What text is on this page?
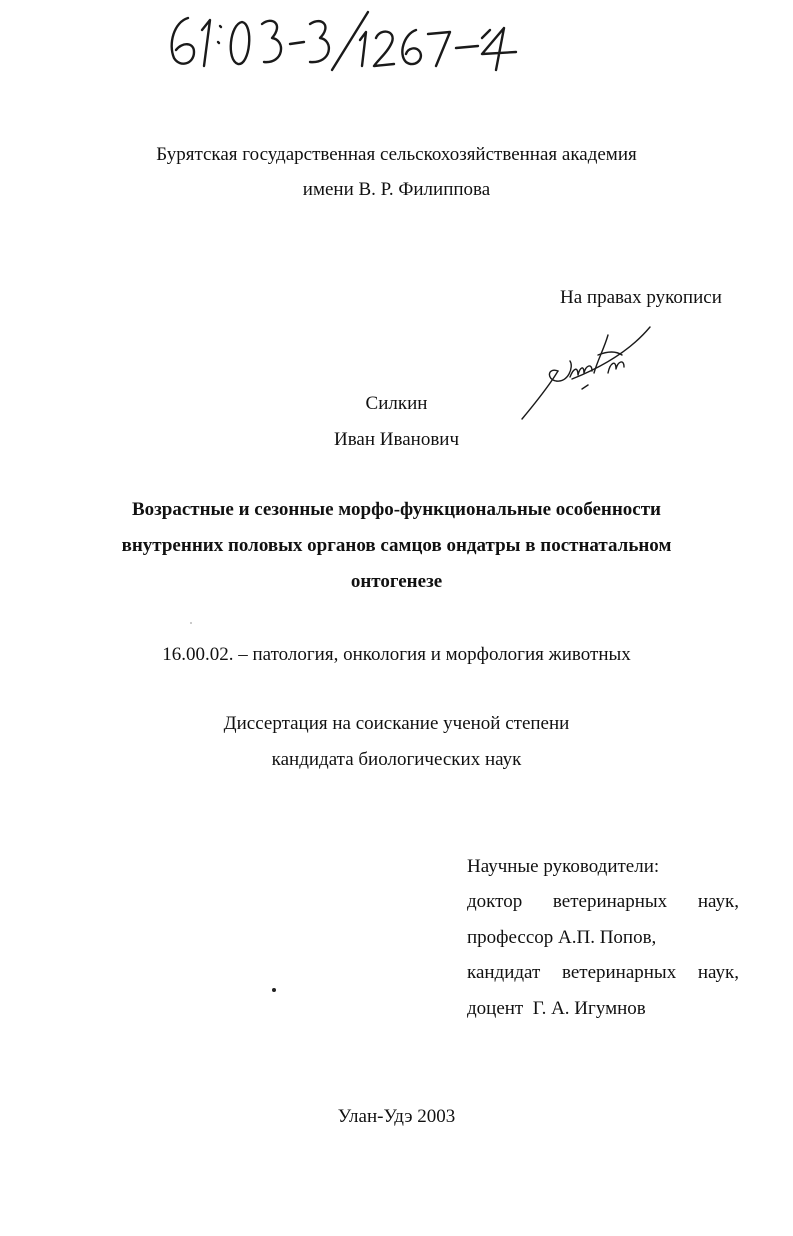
Бурятская государственная сельскохозяйственная академия
имени В. Р. Филиппова
На правах рукописи
Силкин
Иван Иванович
Возрастные и сезонные морфо-функциональные особенности
внутренних половых органов самцов ондатры в постнатальном
онтогенезе
16.00.02. – патология, онкология и морфология животных
Диссертация на соискание ученой степени
кандидата биологических наук
Научные руководители:
доктор ветеринарных наук,
профессор А.П. Попов,
кандидат ветеринарных наук,
доцент  Г. А. Игумнов
Улан-Удэ 2003
